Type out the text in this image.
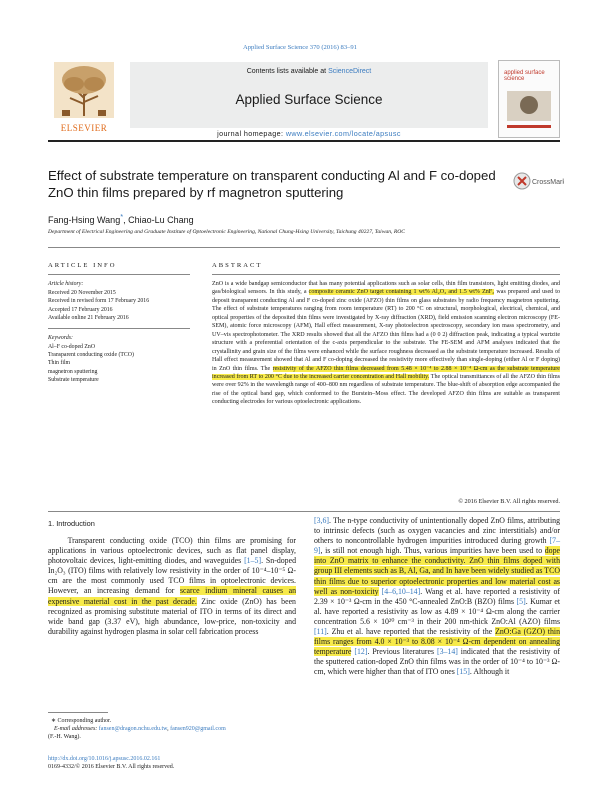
Applied Surface Science 370 (2016) 83–91
ELSEVIER
Contents lists available at ScienceDirect
Applied Surface Science
journal homepage: www.elsevier.com/locate/apsusc
applied surface science
Effect of substrate temperature on transparent conducting Al and F co-doped ZnO thin films prepared by rf magnetron sputtering
CrossMark
Fang-Hsing Wang*, Chiao-Lu Chang
Department of Electrical Engineering and Graduate Institute of Optoelectronic Engineering, National Chung-Hsing University, Taichung 40227, Taiwan, ROC
ARTICLE INFO
Article history:
Received 20 November 2015
Received in revised form 17 February 2016
Accepted 17 February 2016
Available online 21 February 2016
Keywords:
Al–F co-doped ZnO
Transparent conducting oxide (TCO)
Thin film
magnetron sputtering
Substrate temperature
ABSTRACT
ZnO is a wide bandgap semiconductor that has many potential applications such as solar cells, thin film transistors, light emitting diodes, and gas/biological sensors. In this study, a composite ceramic ZnO target containing 1 wt% Al₂O₃ and 1.5 wt% ZnF₂ was prepared and used to deposit transparent conducting Al and F co-doped zinc oxide (AFZO) thin films on glass substrates by radio frequency magnetron sputtering. The effect of substrate temperatures ranging from room temperature (RT) to 200 °C on structural, morphological, electrical, chemical, and optical properties of the deposited thin films were investigated by X-ray diffraction (XRD), field emission scanning electron microscopy (FE-SEM), atomic force microscopy (AFM), Hall effect measurement, X-ray photoelectron spectroscopy, secondary ion mass spectrometry, and UV–vis spectrophotometer. The XRD results showed that all the AFZO thin films had a (0 0 2) diffraction peak, indicating a typical wurtzite structure with a preferential orientation of the c-axis perpendicular to the substrate. The FE-SEM and AFM analyses indicated that the crystallinity and grain size of the films were enhanced while the surface roughness decreased as the substrate temperature increased. Results of Hall effect measurement showed that Al and F co-doping decreased the resistivity more effectively than single-doping (either Al or F doping) in ZnO thin films. The resistivity of the AFZO thin films decreased from 5.48 × 10⁻⁴ to 2.88 × 10⁻⁴ Ω-cm as the substrate temperature increased from RT to 200 °C due to the increased carrier concentration and Hall mobility. The optical transmittances of all the AFZO thin films were over 92% in the wavelength range of 400–800 nm regardless of substrate temperature. The blue-shift of absorption edge accompanied the rise of the optical band gap, which conformed to the Burstein–Moss effect. The developed AFZO thin films are suitable as transparent conducting electrodes for various optoelectronic applications.
© 2016 Elsevier B.V. All rights reserved.
1. Introduction
Transparent conducting oxide (TCO) thin films are promising for applications in various optoelectronic devices, such as flat panel display, photovoltaic devices, light-emitting diodes, and waveguides [1–5]. Sn-doped In₂O₃ (ITO) films with relatively low resistivity in the order of 10⁻⁴–10⁻⁵ Ω-cm are the most commonly used TCO films in optoelectronic devices. However, an increasing demand for scarce indium mineral causes an expensive material cost in the past decade. Zinc oxide (ZnO) has been recognized as promising substitute material of ITO in terms of its direct and wide band gap (3.37 eV), high abundance, low-price, non-toxicity and durability against hydrogen plasma in solar cell fabrication process
[3,6]. The n-type conductivity of unintentionally doped ZnO films, attributing to intrinsic defects (such as oxygen vacancies and zinc interstitials) and/or others to noncontrollable hydrogen impurities introduced during growth [7–9], is still not enough high. Thus, various impurities have been used to dope into ZnO matrix to enhance the conductivity. ZnO thin films doped with group III elements such as B, Al, Ga, and In have been widely studied as TCO thin films due to superior optoelectronic properties and low material cost as well as non-toxicity [4–6,10–14]. Wang et al. have reported a resistivity of 2.39 × 10⁻³ Ω-cm in the 450 °C-annealed ZnO:B (BZO) films [5]. Kumar et al. have reported a resistivity as low as 4.89 × 10⁻⁴ Ω-cm along the carrier concentration 5.6 × 10²⁰ cm⁻³ in their 200 nm-thick ZnO:Al (AZO) films [11]. Zhu et al. have reported that the resistivity of the ZnO:Ga (GZO) thin films ranges from 4.0 × 10⁻³ to 8.08 × 10⁻⁴ Ω-cm dependent on annealing temperature [12]. Previous literatures [3–14] indicated that the resistivity of the sputtered cation-doped ZnO thin films was in the order of 10⁻⁴ to 10⁻³ Ω-cm, which were higher than that of ITO ones [15]. Although it
∗ Corresponding author.
E-mail addresses: fansen@dragon.nchu.edu.tw, fansen920@gmail.com
(F.-H. Wang).
http://dx.doi.org/10.1016/j.apsusc.2016.02.161
0169-4332/© 2016 Elsevier B.V. All rights reserved.
